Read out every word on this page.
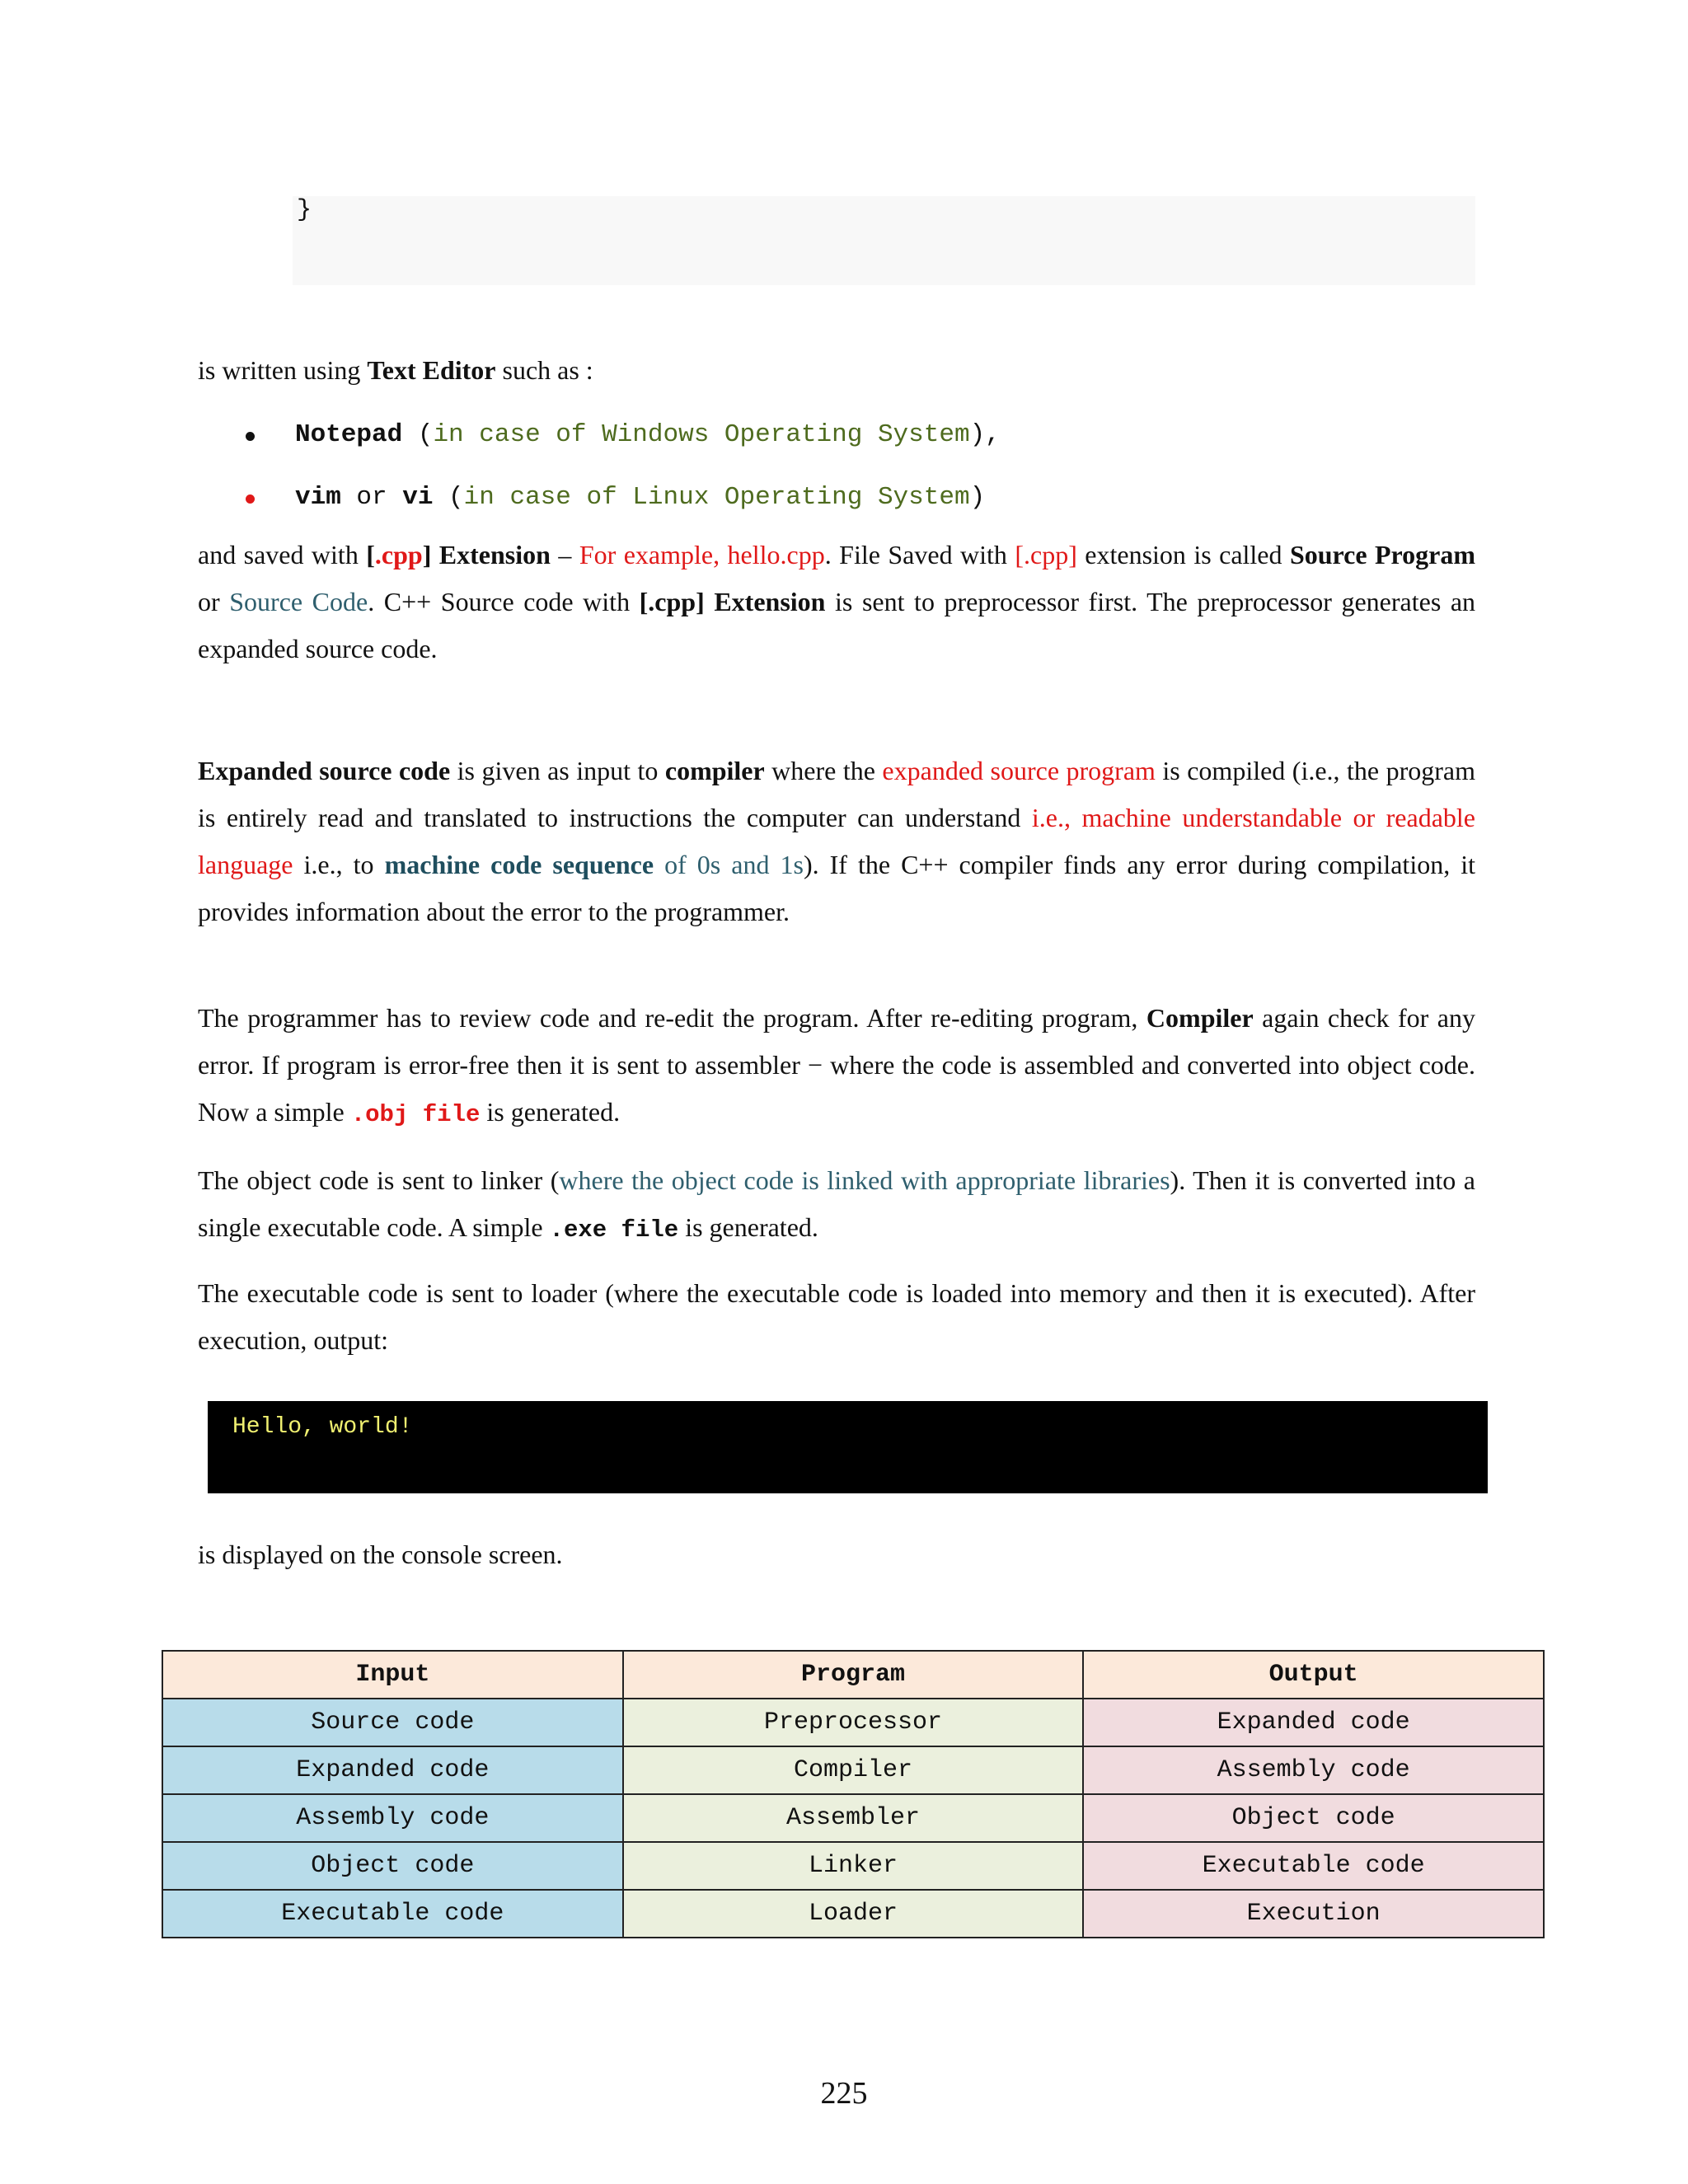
}

is written using Text Editor such as :

Notepad (in case of Windows Operating System),
vim or vi (in case of Linux Operating System)

and saved with [.cpp] Extension – For example, hello.cpp. File Saved with [.cpp] extension is called Source Program or Source Code. C++ Source code with [.cpp] Extension is sent to preprocessor first. The preprocessor generates an expanded source code.

Expanded source code is given as input to compiler where the expanded source program is compiled (i.e., the program is entirely read and translated to instructions the computer can understand i.e., machine understandable or readable language i.e., to machine code sequence of 0s and 1s). If the C++ compiler finds any error during compilation, it provides information about the error to the programmer.

The programmer has to review code and re-edit the program. After re-editing program, Compiler again check for any error. If program is error-free then it is sent to assembler − where the code is assembled and converted into object code. Now a simple .obj file is generated.

The object code is sent to linker (where the object code is linked with appropriate libraries). Then it is converted into a single executable code. A simple .exe file is generated.

The executable code is sent to loader (where the executable code is loaded into memory and then it is executed). After execution, output:

Hello, world!

is displayed on the console screen.

Input	Program	Output
Source code	Preprocessor	Expanded code
Expanded code	Compiler	Assembly code
Assembly code	Assembler	Object code
Object code	Linker	Executable code
Executable code	Loader	Execution
225
